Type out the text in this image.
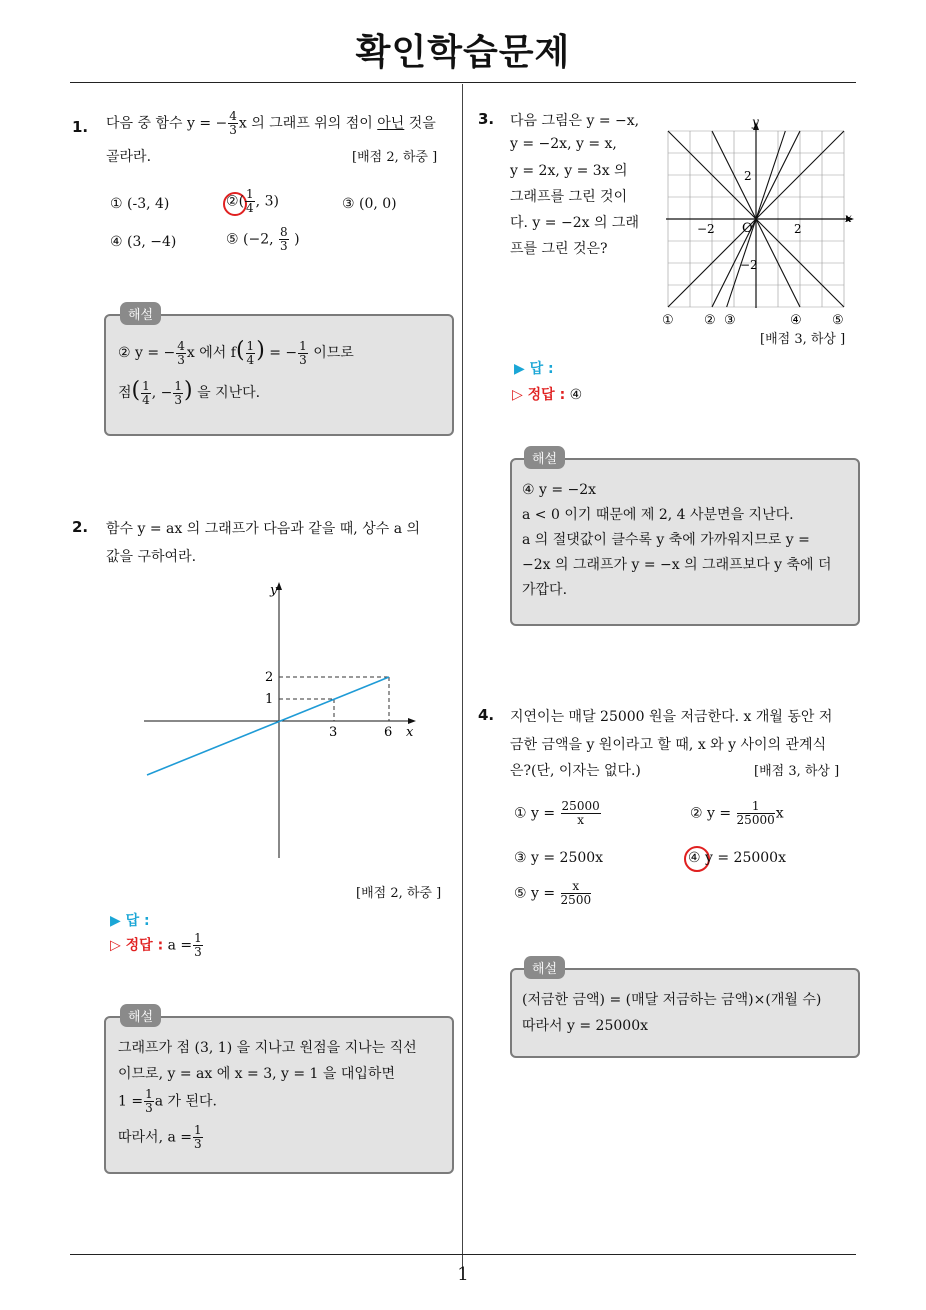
확인학습문제
1
1. 다음 중 함수 y = − $\frac{4}{3}$ x 의 그래프 위의 점이 아닌 것을
골라라.	[배점 2, 하중 ]
① (-3, 4)	②( $\frac{1}{4}$ , 3)	③ (0, 0)
④ (3, −4)	⑤ (−2, $\frac{8}{3}$ )
해설
② y = − $\frac{4}{3}$ x 에서 $f( \frac{1}{4}$ ) = − $\frac{1}{3}$ 이므로
점( $\frac{1}{4}$ , − $\frac{1}{3}$ ) 을 지난다.
2. 함수 y = ax 의 그래프가 다음과 같을 때, 상수 a 의
값을 구하여라.
y
x
2
1
3	6
[배점 2, 하중 ]
▶ 답 :
▷ 정답 : $a = \frac{1}{3}$
해설
그래프가 점 (3, 1) 을 지나고 원점을 지나는 직선
이므로, y = ax 에 x = 3, y = 1 을 대입하면
$1 = \frac{1}{3}$ a 가 된다.
따라서, $a = \frac{1}{3}$
3. 다음 그림은 y = −x,
y = −2x, y = x,
y = 2x, y = 3x 의
그래프를 그린 것이
다. y = −2x 의 그래
프를 그린 것은?
y
x
O
2
−2	2
−2
① ② ③	④ ⑤
[배점 3, 하상 ]
▶ 답 :
▷ 정답 : ④
해설
④ y = −2x
a < 0 이기 때문에 제 2, 4 사분면을 지난다.
a 의 절댓값이 클수록 y 축에 가까워지므로 y =
−2x 의 그래프가 y = −x 의 그래프보다 y 축에 더
가깝다.
4. 지연이는 매달 25000 원을 저금한다. x 개월 동안 저
금한 금액을 y 원이라고 할 때, x 와 y 사이의 관계식
은?(단, 이자는 없다.)	[배점 3, 하상 ]
① $y = \frac{25000}{x}$	② $y = \frac{1}{25000}$ x
③ y = 2500x	④ y = 25000x
⑤ $y = \frac{x}{2500}$
해설
(저금한 금액) = (매달 저금하는 금액)×(개월 수)
따라서 y = 25000x
